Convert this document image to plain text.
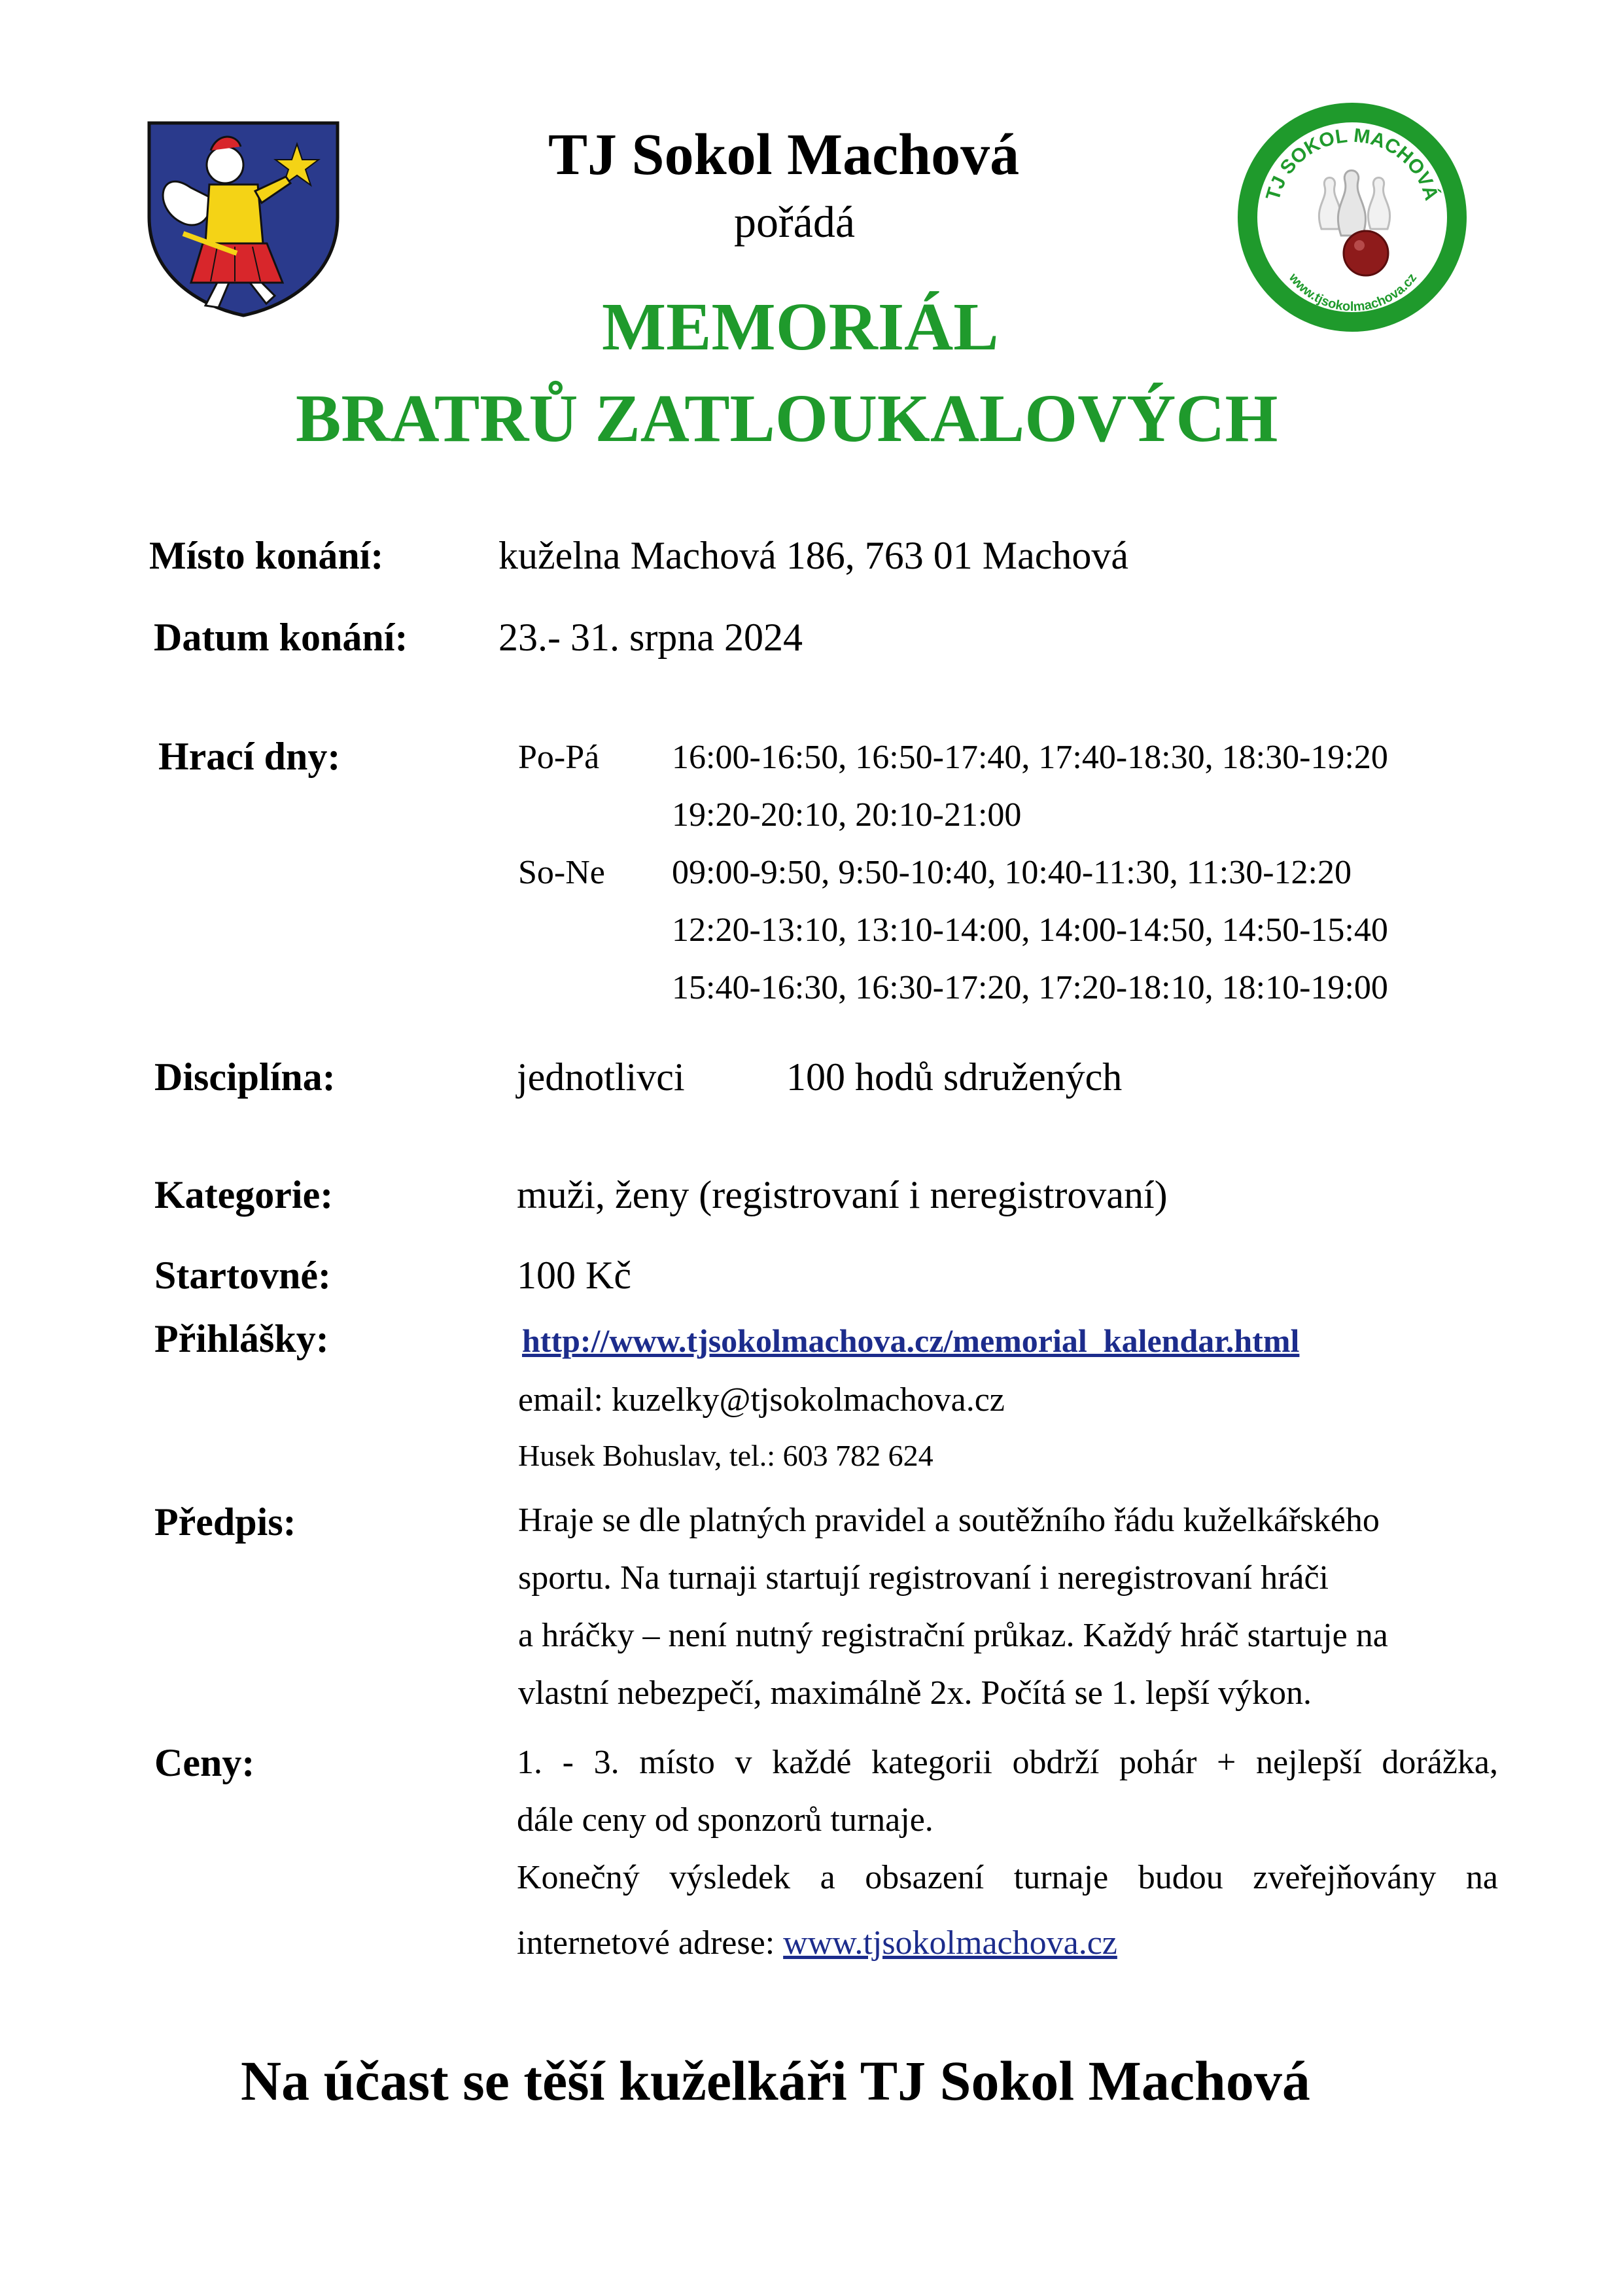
TJ SOKOL MACHOVÁ
www.tjsokolmachova.cz
TJ Sokol Machová
pořádá
MEMORIÁL
BRATRŮ ZATLOUKALOVÝCH
Místo konání:	kuželna Machová 186, 763 01 Machová
Datum konání: 23.- 31. srpna 2024
Hrací dny:	Po-Pá 16:00-16:50, 16:50-17:40, 17:40-18:30, 18:30-19:20
19:20-20:10, 20:10-21:00
So-Ne 09:00-9:50, 9:50-10:40, 10:40-11:30, 11:30-12:20
12:20-13:10, 13:10-14:00, 14:00-14:50, 14:50-15:40
15:40-16:30, 16:30-17:20, 17:20-18:10, 18:10-19:00
Disciplína:	jednotlivci	100 hodů sdružených
Kategorie:	muži, ženy (registrovaní i neregistrovaní)
Startovné:	100 Kč
Přihlášky:	http://www.tjsokolmachova.cz/memorial_kalendar.html
email: kuzelky@tjsokolmachova.cz
Husek Bohuslav, tel.: 603 782 624
Předpis:	Hraje se dle platných pravidel a soutěžního řádu kuželkářského
sportu. Na turnaji startují registrovaní i neregistrovaní hráči
a hráčky – není nutný registrační průkaz. Každý hráč startuje na
vlastní nebezpečí, maximálně 2x. Počítá se 1. lepší výkon.
Ceny:	1. - 3. místo v každé kategorii obdrží pohár + nejlepší dorážka,
dále ceny od sponzorů turnaje.
Konečný výsledek a obsazení turnaje budou zveřejňovány na
internetové adrese: www.tjsokolmachova.cz
Na účast se těší kuželkáři TJ Sokol Machová
